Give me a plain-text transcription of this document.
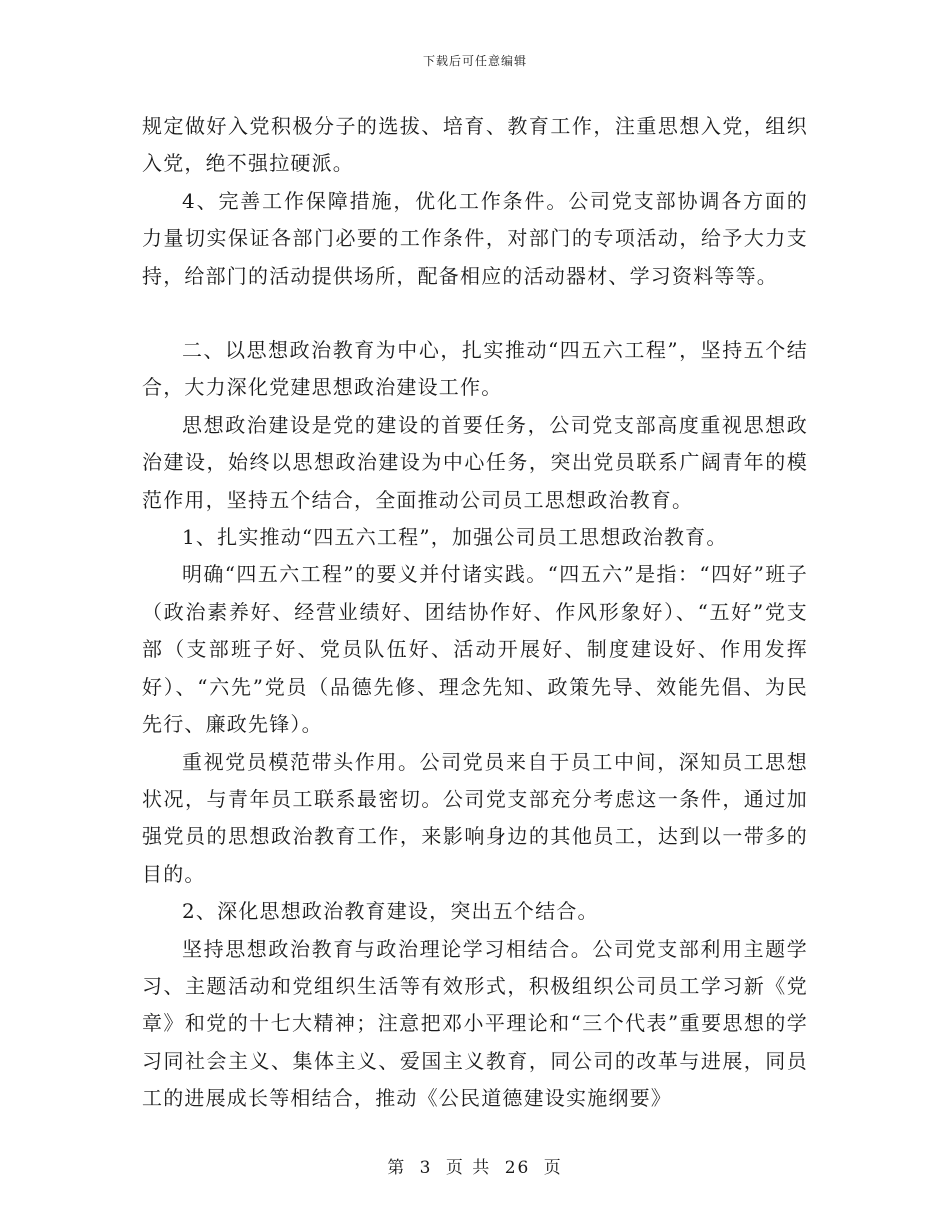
下载后可任意编辑

规定做好入党积极分子的选拔、培育、教育工作，注重思想入党，组织入党，绝不强拉硬派。

4、完善工作保障措施，优化工作条件。公司党支部协调各方面的力量切实保证各部门必要的工作条件，对部门的专项活动，给予大力支持，给部门的活动提供场所，配备相应的活动器材、学习资料等等。

二、以思想政治教育为中心，扎实推动“四五六工程”，坚持五个结合，大力深化党建思想政治建设工作。

思想政治建设是党的建设的首要任务，公司党支部高度重视思想政治建设，始终以思想政治建设为中心任务，突出党员联系广阔青年的模范作用，坚持五个结合，全面推动公司员工思想政治教育。

1、扎实推动“四五六工程”，加强公司员工思想政治教育。

明确“四五六工程”的要义并付诸实践。“四五六”是指：“四好”班子（政治素养好、经营业绩好、团结协作好、作风形象好）、“五好”党支部（支部班子好、党员队伍好、活动开展好、制度建设好、作用发挥好）、“六先”党员（品德先修、理念先知、政策先导、效能先倡、为民先行、廉政先锋）。

重视党员模范带头作用。公司党员来自于员工中间，深知员工思想状况，与青年员工联系最密切。公司党支部充分考虑这一条件，通过加强党员的思想政治教育工作，来影响身边的其他员工，达到以一带多的目的。

2、深化思想政治教育建设，突出五个结合。

坚持思想政治教育与政治理论学习相结合。公司党支部利用主题学习、主题活动和党组织生活等有效形式，积极组织公司员工学习新《党章》和党的十七大精神；注意把邓小平理论和“三个代表”重要思想的学习同社会主义、集体主义、爱国主义教育，同公司的改革与进展，同员工的进展成长等相结合，推动《公民道德建设实施纲要》

第 3 页 共 26 页
